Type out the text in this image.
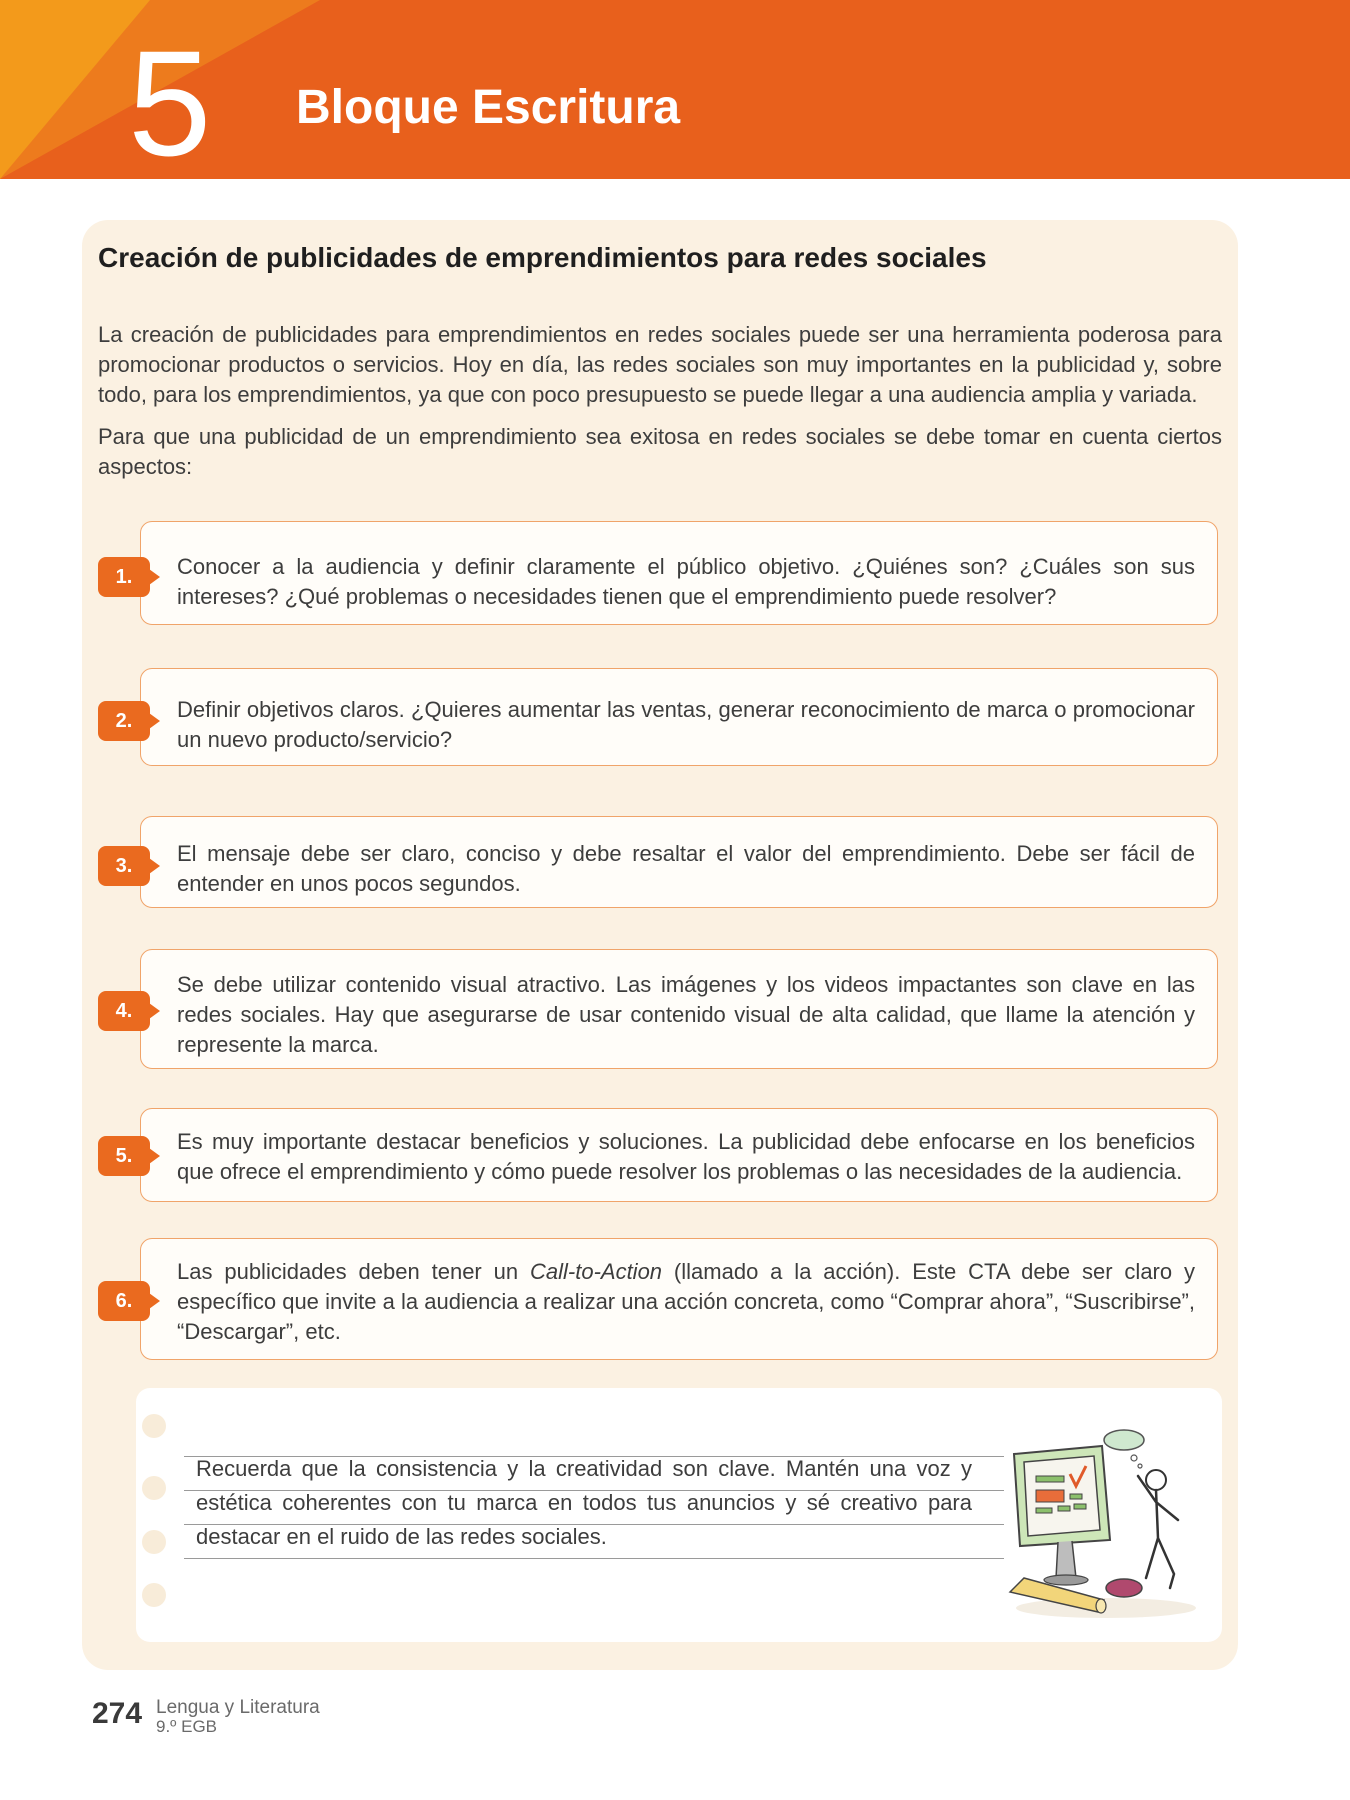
5 Bloque Escritura
Creación de publicidades de emprendimientos para redes sociales

La creación de publicidades para emprendimientos en redes sociales puede ser una herramienta poderosa para promocionar productos o servicios. Hoy en día, las redes sociales son muy importantes en la publicidad y, sobre todo, para los emprendimientos, ya que con poco presupuesto se puede llegar a una audiencia amplia y variada.

Para que una publicidad de un emprendimiento sea exitosa en redes sociales se debe tomar en cuenta ciertos aspectos:

Conocer a la audiencia y definir claramente el público objetivo. ¿Quiénes son? ¿Cuáles son sus intereses? ¿Qué problemas o necesidades tienen que el emprendimiento puede resolver?

1.

Definir objetivos claros. ¿Quieres aumentar las ventas, generar reconocimiento de marca o promocionar un nuevo producto/servicio?

2.

El mensaje debe ser claro, conciso y debe resaltar el valor del emprendimiento. Debe ser fácil de entender en unos pocos segundos.

3.

Se debe utilizar contenido visual atractivo. Las imágenes y los videos impactantes son clave en las redes sociales. Hay que asegurarse de usar contenido visual de alta calidad, que llame la atención y represente la marca.

4.

Es muy importante destacar beneficios y soluciones. La publicidad debe enfocarse en los beneficios que ofrece el emprendimiento y cómo puede resolver los problemas o las necesidades de la audiencia.

5.

Las publicidades deben tener un Call-to-Action (llamado a la acción). Este CTA debe ser claro y específico que invite a la audiencia a realizar una acción concreta, como “Comprar ahora”, “Suscribirse”, “Descargar”, etc.

6.

Recuerda que la consistencia y la creatividad son clave. Mantén una voz y estética coherentes con tu marca en todos tus anuncios y sé creativo para destacar en el ruido de las redes sociales.

274 Lengua y Literatura
9.º EGB
